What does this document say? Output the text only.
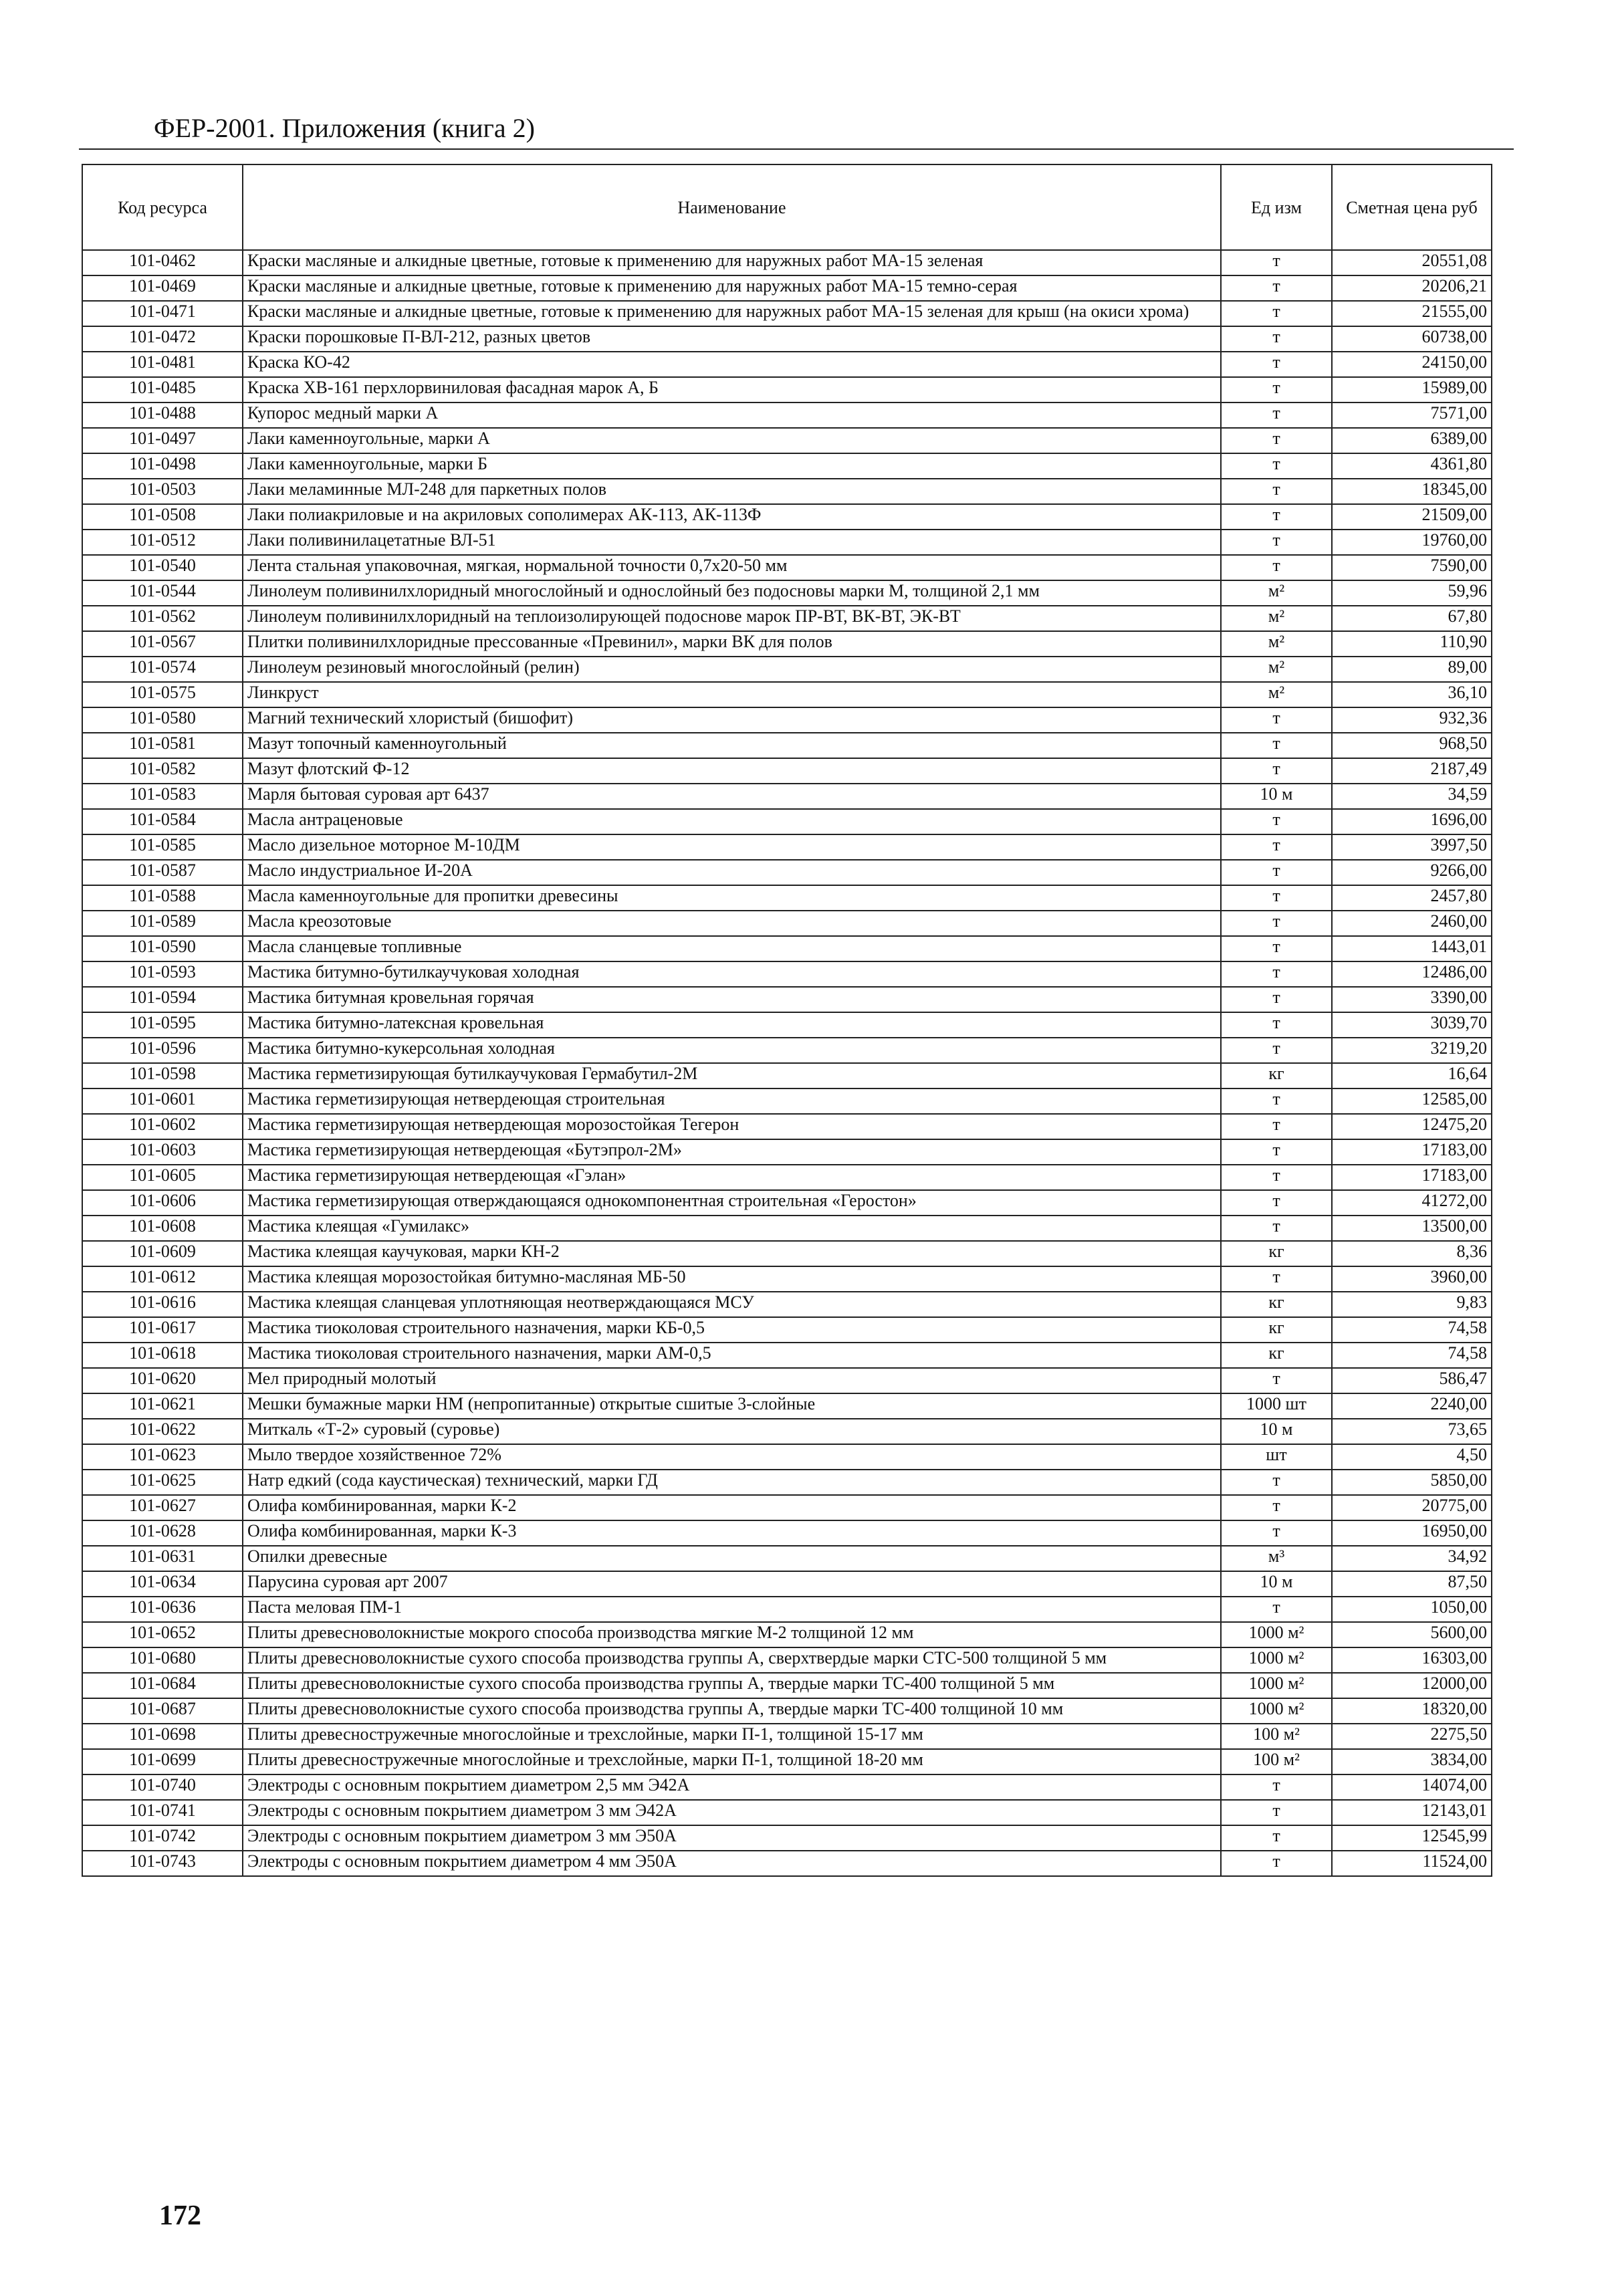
ФЕР-2001. Приложения (книга 2)
Код ресурса	Наименование	Ед изм	Сметная цена руб
101-0462	Краски масляные и алкидные цветные, готовые к применению для наружных работ МА-15 зеленая	т	20551,08
101-0469	Краски масляные и алкидные цветные, готовые к применению для наружных работ МА-15 темно-серая	т	20206,21
101-0471	Краски масляные и алкидные цветные, готовые к применению для наружных работ МА-15 зеленая для крыш (на окиси хрома)	т	21555,00
101-0472	Краски порошковые П-ВЛ-212, разных цветов	т	60738,00
101-0481	Краска КО-42	т	24150,00
101-0485	Краска ХВ-161 перхлорвиниловая фасадная марок А, Б	т	15989,00
101-0488	Купорос медный марки А	т	7571,00
101-0497	Лаки каменноугольные, марки А	т	6389,00
101-0498	Лаки каменноугольные, марки Б	т	4361,80
101-0503	Лаки меламинные МЛ-248 для паркетных полов	т	18345,00
101-0508	Лаки полиакриловые и на акриловых сополимерах АК-113, АК-113Ф	т	21509,00
101-0512	Лаки поливинилацетатные ВЛ-51	т	19760,00
101-0540	Лента стальная упаковочная, мягкая, нормальной точности 0,7х20-50 мм	т	7590,00
101-0544	Линолеум поливинилхлоридный многослойный и однослойный без подосновы марки М, толщиной 2,1 мм	м²	59,96
101-0562	Линолеум поливинилхлоридный на теплоизолирующей подоснове марок ПР-ВТ, ВК-ВТ, ЭК-ВТ	м²	67,80
101-0567	Плитки поливинилхлоридные прессованные «Превинил», марки ВК для полов	м²	110,90
101-0574	Линолеум резиновый многослойный (релин)	м²	89,00
101-0575	Линкруст	м²	36,10
101-0580	Магний технический хлористый (бишофит)	т	932,36
101-0581	Мазут топочный каменноугольный	т	968,50
101-0582	Мазут флотский Ф-12	т	2187,49
101-0583	Марля бытовая суровая арт 6437	10 м	34,59
101-0584	Масла антраценовые	т	1696,00
101-0585	Масло дизельное моторное М-10ДМ	т	3997,50
101-0587	Масло индустриальное И-20А	т	9266,00
101-0588	Масла каменноугольные для пропитки древесины	т	2457,80
101-0589	Масла креозотовые	т	2460,00
101-0590	Масла сланцевые топливные	т	1443,01
101-0593	Мастика битумно-бутилкаучуковая холодная	т	12486,00
101-0594	Мастика битумная кровельная горячая	т	3390,00
101-0595	Мастика битумно-латексная кровельная	т	3039,70
101-0596	Мастика битумно-кукерсольная холодная	т	3219,20
101-0598	Мастика герметизирующая бутилкаучуковая Гермабутил-2М	кг	16,64
101-0601	Мастика герметизирующая нетвердеющая строительная	т	12585,00
101-0602	Мастика герметизирующая нетвердеющая морозостойкая Тегерон	т	12475,20
101-0603	Мастика герметизирующая нетвердеющая «Бутэпрол-2М»	т	17183,00
101-0605	Мастика герметизирующая нетвердеющая «Гэлан»	т	17183,00
101-0606	Мастика герметизирующая отверждающаяся однокомпонентная строительная «Геростон»	т	41272,00
101-0608	Мастика клеящая «Гумилакс»	т	13500,00
101-0609	Мастика клеящая каучуковая, марки КН-2	кг	8,36
101-0612	Мастика клеящая морозостойкая битумно-масляная МБ-50	т	3960,00
101-0616	Мастика клеящая сланцевая уплотняющая неотверждающаяся МСУ	кг	9,83
101-0617	Мастика тиоколовая строительного назначения, марки КБ-0,5	кг	74,58
101-0618	Мастика тиоколовая строительного назначения, марки АМ-0,5	кг	74,58
101-0620	Мел природный молотый	т	586,47
101-0621	Мешки бумажные марки НМ (непропитанные) открытые сшитые 3-слойные	1000 шт	2240,00
101-0622	Миткаль «Т-2» суровый (суровье)	10 м	73,65
101-0623	Мыло твердое хозяйственное 72%	шт	4,50
101-0625	Натр едкий (сода каустическая) технический, марки ГД	т	5850,00
101-0627	Олифа комбинированная, марки К-2	т	20775,00
101-0628	Олифа комбинированная, марки К-3	т	16950,00
101-0631	Опилки древесные	м³	34,92
101-0634	Парусина суровая арт 2007	10 м	87,50
101-0636	Паста меловая ПМ-1	т	1050,00
101-0652	Плиты древесноволокнистые мокрого способа производства мягкие М-2 толщиной 12 мм	1000 м²	5600,00
101-0680	Плиты древесноволокнистые сухого способа производства группы А, сверхтвердые марки СТС-500 толщиной 5 мм	1000 м²	16303,00
101-0684	Плиты древесноволокнистые сухого способа производства группы А, твердые марки ТС-400 толщиной 5 мм	1000 м²	12000,00
101-0687	Плиты древесноволокнистые сухого способа производства группы А, твердые марки ТС-400 толщиной 10 мм	1000 м²	18320,00
101-0698	Плиты древесностружечные многослойные и трехслойные, марки П-1, толщиной 15-17 мм	100 м²	2275,50
101-0699	Плиты древесностружечные многослойные и трехслойные, марки П-1, толщиной 18-20 мм	100 м²	3834,00
101-0740	Электроды с основным покрытием диаметром 2,5 мм Э42А	т	14074,00
101-0741	Электроды с основным покрытием диаметром 3 мм Э42А	т	12143,01
101-0742	Электроды с основным покрытием диаметром 3 мм Э50А	т	12545,99
101-0743	Электроды с основным покрытием диаметром 4 мм Э50А	т	11524,00
172
